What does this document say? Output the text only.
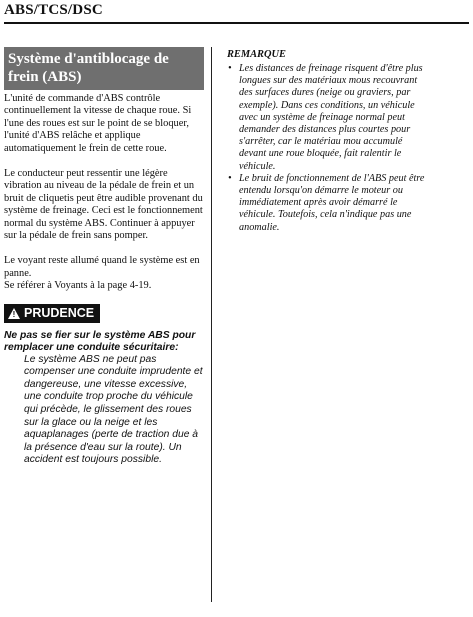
ABS/TCS/DSC
Système d'antiblocage de frein (ABS)

L'unité de commande d'ABS contrôle continuellement la vitesse de chaque roue. Si l'une des roues est sur le point de se bloquer, l'unité d'ABS relâche et applique automatiquement le frein de cette roue.

Le conducteur peut ressentir une légère vibration au niveau de la pédale de frein et un bruit de cliquetis peut être audible provenant du système de freinage. Ceci est le fonctionnement normal du système ABS. Continuer à appuyer sur la pédale de frein sans pomper.

Le voyant reste allumé quand le système est en panne.

Se référer à Voyants à la page 4-19.

! PRUDENCE
Ne pas se fier sur le système ABS pour remplacer une conduite sécuritaire:
Le système ABS ne peut pas compenser une conduite imprudente et dangereuse, une vitesse excessive, une conduite trop proche du véhicule qui précède, le glissement des roues sur la glace ou la neige et les aquaplanages (perte de traction due à la présence d'eau sur la route). Un accident est toujours possible.
REMARQUE
• Les distances de freinage risquent d'être plus longues sur des matériaux mous recouvrant des surfaces dures (neige ou graviers, par exemple). Dans ces conditions, un véhicule avec un système de freinage normal peut demander des distances plus courtes pour s'arrêter, car le matériau mou accumulé devant une roue bloquée, fait ralentir le véhicule.
• Le bruit de fonctionnement de l'ABS peut être entendu lorsqu'on démarre le moteur ou immédiatement après avoir démarré le véhicule. Toutefois, cela n'indique pas une anomalie.
